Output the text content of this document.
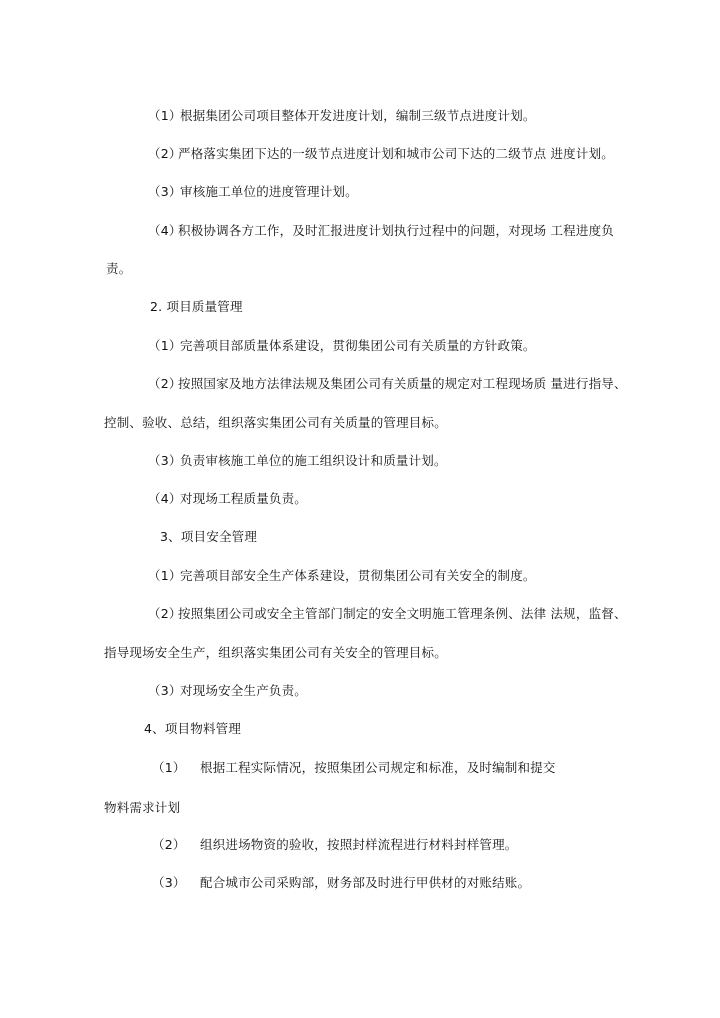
（1）根据集团公司项目整体开发进度计划，编制三级节点进度计划。
（2）严格落实集团下达的一级节点进度计划和城市公司下达的二级节点 进度计划。
（3）审核施工单位的进度管理计划。
（4）积极协调各方工作，及时汇报进度计划执行过程中的问题，对现场 工程进度负
责。
2. 项目质量管理
（1）完善项目部质量体系建设，贯彻集团公司有关质量的方针政策。
（2）按照国家及地方法律法规及集团公司有关质量的规定对工程现场质 量进行指导、
控制、验收、总结，组织落实集团公司有关质量的管理目标。
（3）负责审核施工单位的施工组织设计和质量计划。
（4）对现场工程质量负责。
3、项目安全管理
（1）完善项目部安全生产体系建设，贯彻集团公司有关安全的制度。
（2）按照集团公司或安全主管部门制定的安全文明施工管理条例、法律 法规，监督、
指导现场安全生产，组织落实集团公司有关安全的管理目标。
（3）对现场安全生产负责。
4、项目物料管理
（1） 根据工程实际情况，按照集团公司规定和标准，及时编制和提交
物料需求计划
（2） 组织进场物资的验收，按照封样流程进行材料封样管理。
（3） 配合城市公司采购部，财务部及时进行甲供材的对账结账。
